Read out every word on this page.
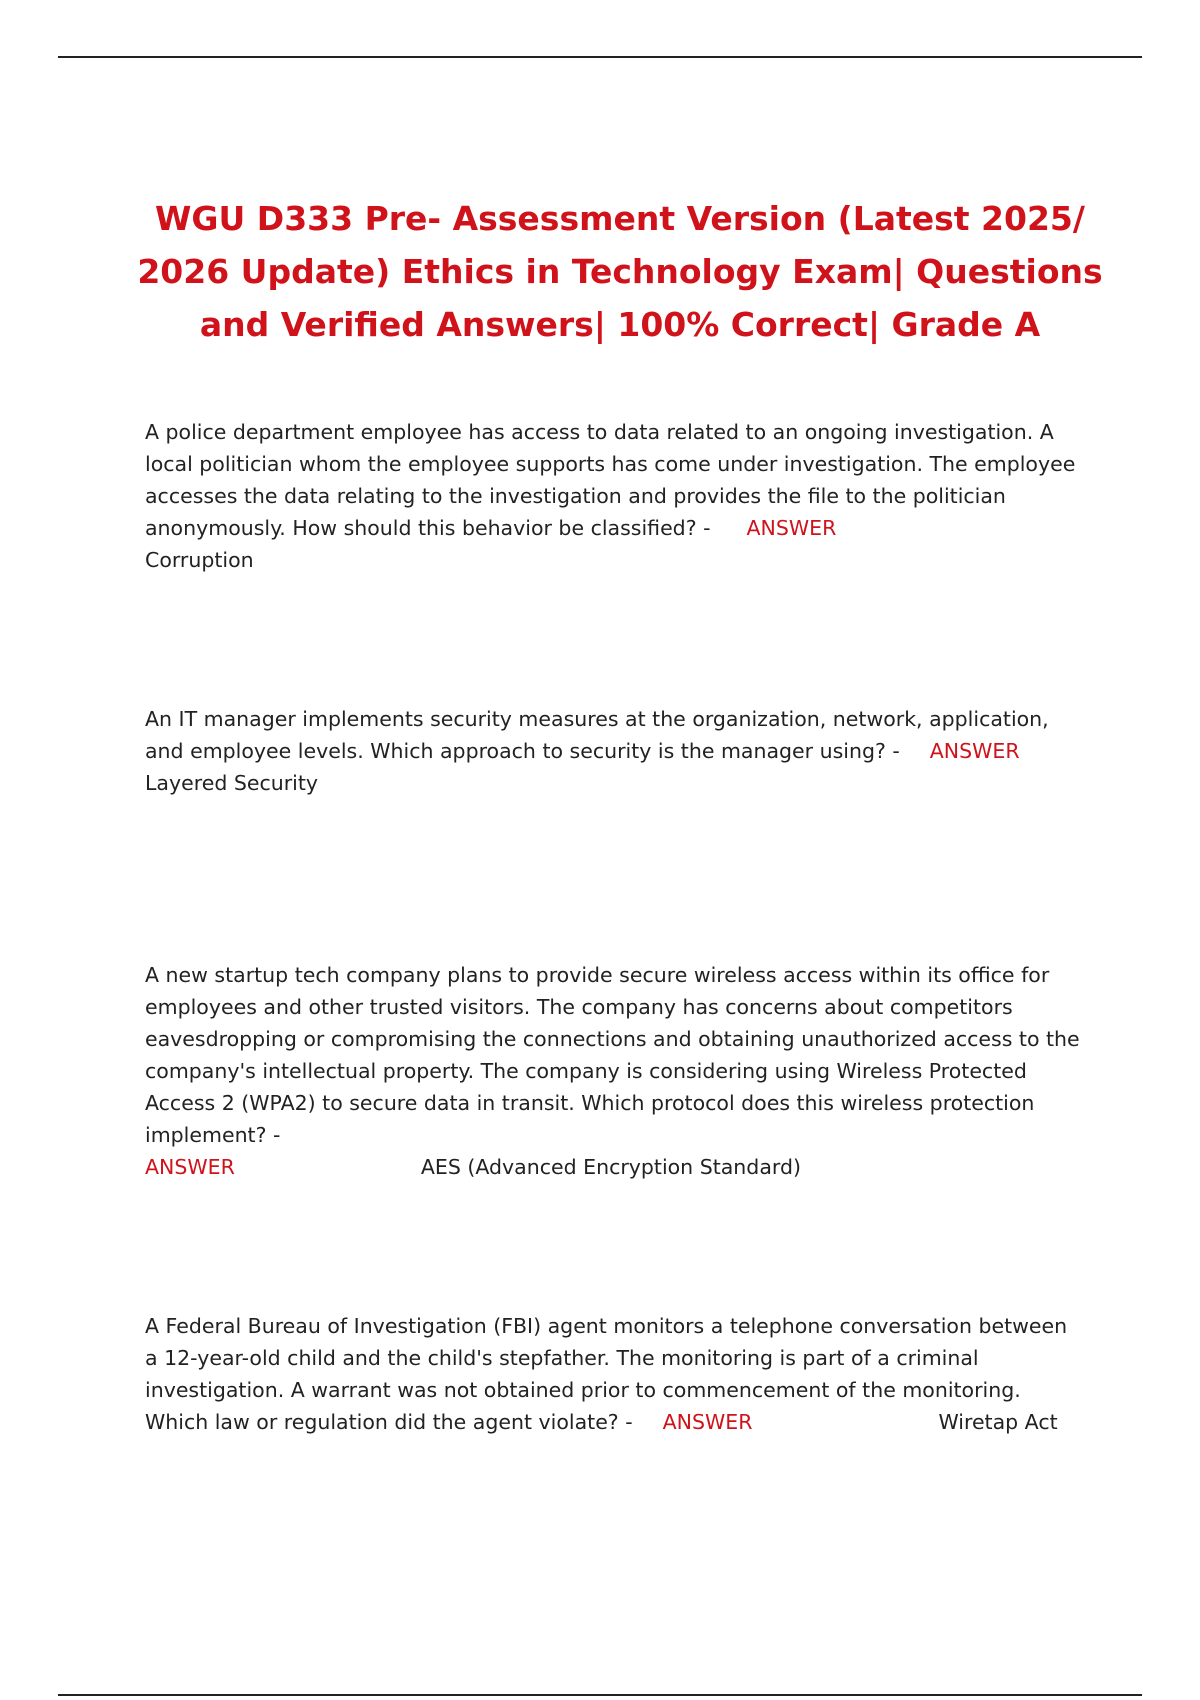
WGU D333 Pre- Assessment Version (Latest 2025/ 2026 Update) Ethics in Technology Exam| Questions and Verified Answers| 100% Correct| Grade A

A police department employee has access to data related to an ongoing investigation. A local politician whom the employee supports has come under investigation. The employee accesses the data relating to the investigation and provides the file to the politician anonymously. How should this behavior be classified? - ANSWERCorruption

An IT manager implements security measures at the organization, network, application, and employee levels. Which approach to security is the manager using? - ANSWER
Layered Security

A new startup tech company plans to provide secure wireless access within its office for employees and other trusted visitors. The company has concerns about competitors eavesdropping or compromising the connections and obtaining unauthorized access to the company's intellectual property. The company is considering using Wireless Protected Access 2 (WPA2) to secure data in transit. Which protocol does this wireless protection implement? -
ANSWER	AES (Advanced Encryption Standard)

A Federal Bureau of Investigation (FBI) agent monitors a telephone conversation between a 12-year-old child and the child's stepfather. The monitoring is part of a criminal investigation. A warrant was not obtained prior to commencement of the monitoring. Which law or regulation did the agent violate? - ANSWER	Wiretap Act
